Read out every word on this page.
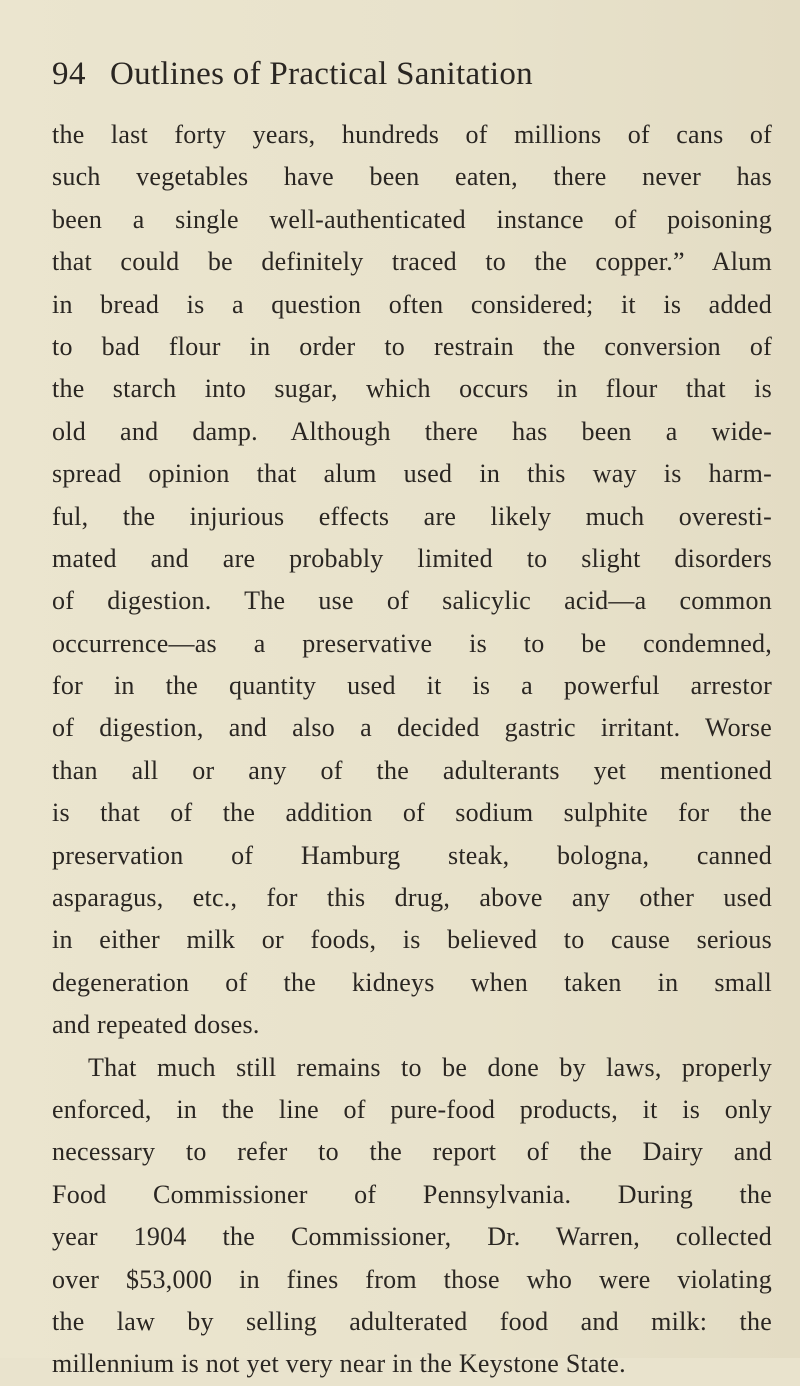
94 Outlines of Practical Sanitation
the last forty years, hundreds of millions of cans of
such vegetables have been eaten, there never has
been a single well-authenticated instance of poisoning
that could be definitely traced to the copper.” Alum
in bread is a question often considered; it is added
to bad flour in order to restrain the conversion of
the starch into sugar, which occurs in flour that is
old and damp. Although there has been a wide-
spread opinion that alum used in this way is harm-
ful, the injurious effects are likely much overesti-
mated and are probably limited to slight disorders
of digestion. The use of salicylic acid—a common
occurrence—as a preservative is to be condemned,
for in the quantity used it is a powerful arrestor
of digestion, and also a decided gastric irritant. Worse
than all or any of the adulterants yet mentioned
is that of the addition of sodium sulphite for the
preservation of Hamburg steak, bologna, canned
asparagus, etc., for this drug, above any other used
in either milk or foods, is believed to cause serious
degeneration of the kidneys when taken in small
and repeated doses.
That much still remains to be done by laws, properly
enforced, in the line of pure-food products, it is only
necessary to refer to the report of the Dairy and
Food Commissioner of Pennsylvania. During the
year 1904 the Commissioner, Dr. Warren, collected
over $53,000 in fines from those who were violating
the law by selling adulterated food and milk: the
millennium is not yet very near in the Keystone State.
